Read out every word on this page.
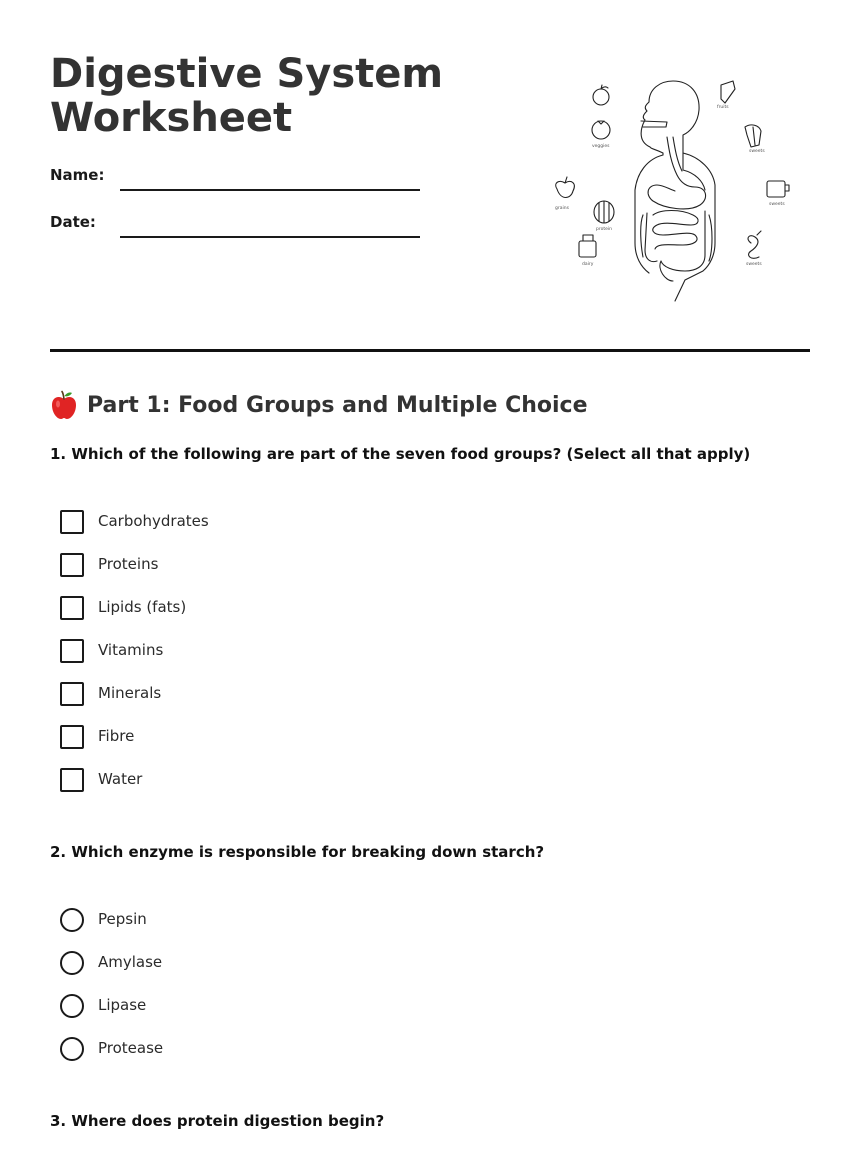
Digestive System
Worksheet
Name:
Date:
fruits
sweets
veggies
grains
protein
dairy
sweets
sweets
Part 1: Food Groups and Multiple Choice
1. Which of the following are part of the seven food groups? (Select all that apply)
Carbohydrates
Proteins
Lipids (fats)
Vitamins
Minerals
Fibre
Water
2. Which enzyme is responsible for breaking down starch?
Pepsin
Amylase
Lipase
Protease
3. Where does protein digestion begin?
